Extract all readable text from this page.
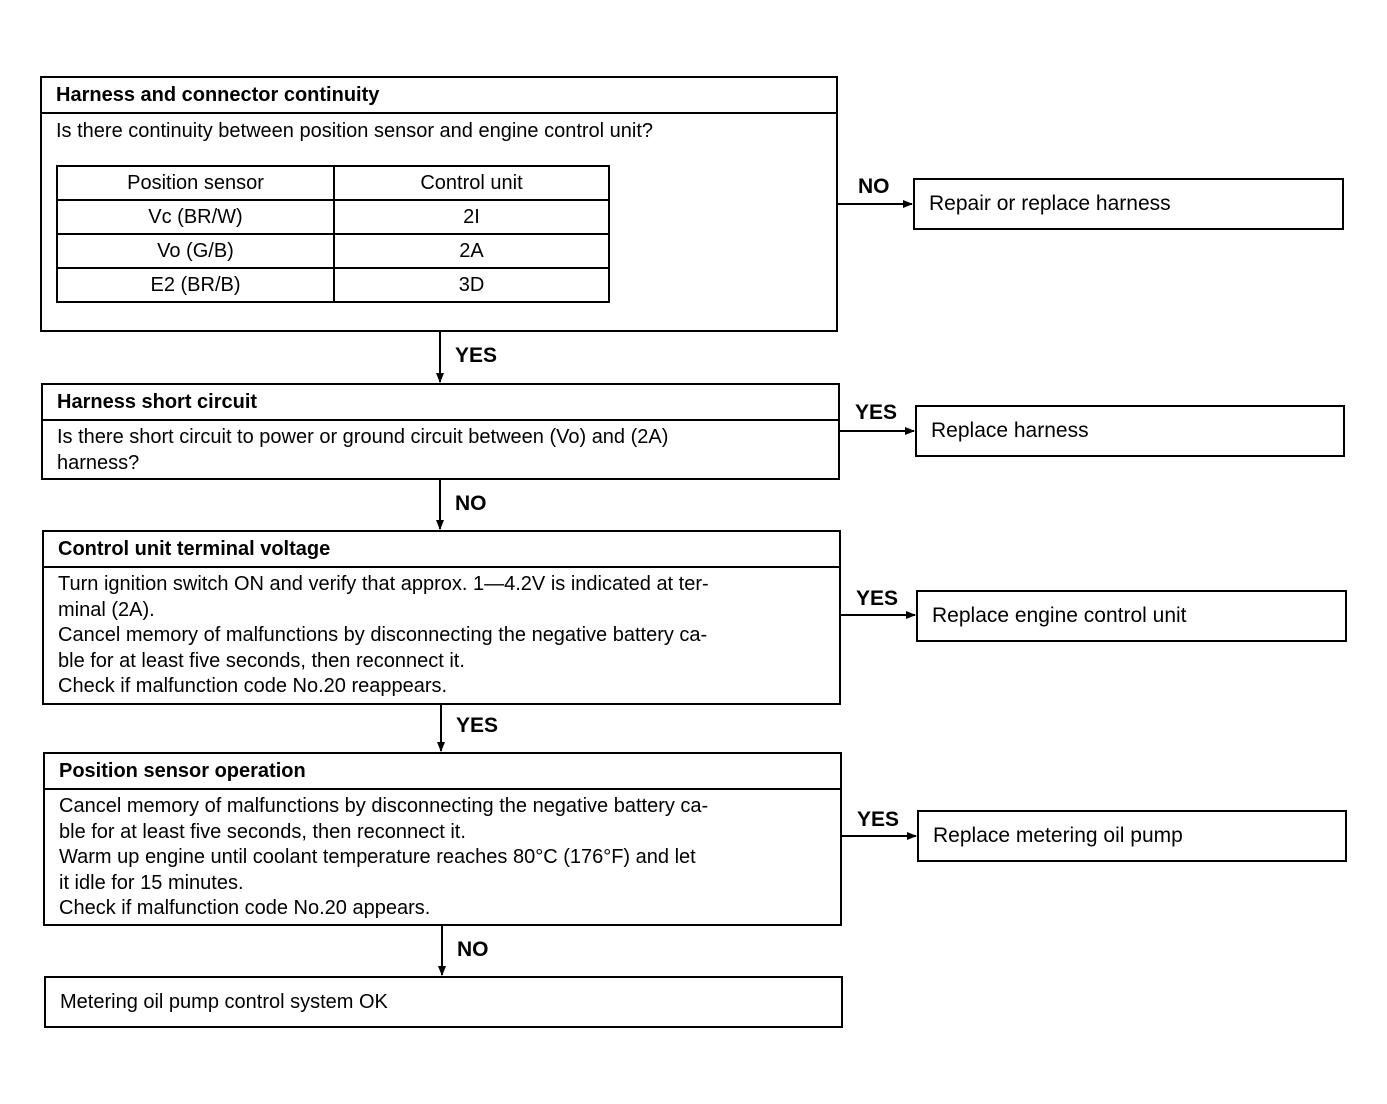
Harness and connector continuity
Is there continuity between position sensor and engine control unit?
Position sensor	Control unit
Vc (BR/W)	2I
Vo (G/B)	2A
E2 (BR/B)	3D
Harness short circuit
Is there short circuit to power or ground circuit between (Vo) and (2A)
harness?
Control unit terminal voltage
Turn ignition switch ON and verify that approx. 1—4.2V is indicated at ter-
minal (2A).
Cancel memory of malfunctions by disconnecting the negative battery ca-
ble for at least five seconds, then reconnect it.
Check if malfunction code No.20 reappears.
Position sensor operation
Cancel memory of malfunctions by disconnecting the negative battery ca-
ble for at least five seconds, then reconnect it.
Warm up engine until coolant temperature reaches 80°C (176°F) and let
it idle for 15 minutes.
Check if malfunction code No.20 appears.
Metering oil pump control system OK
Repair or replace harness
Replace harness
Replace engine control unit
Replace metering oil pump
NO
YES
YES
YES
YES
NO
YES
NO
